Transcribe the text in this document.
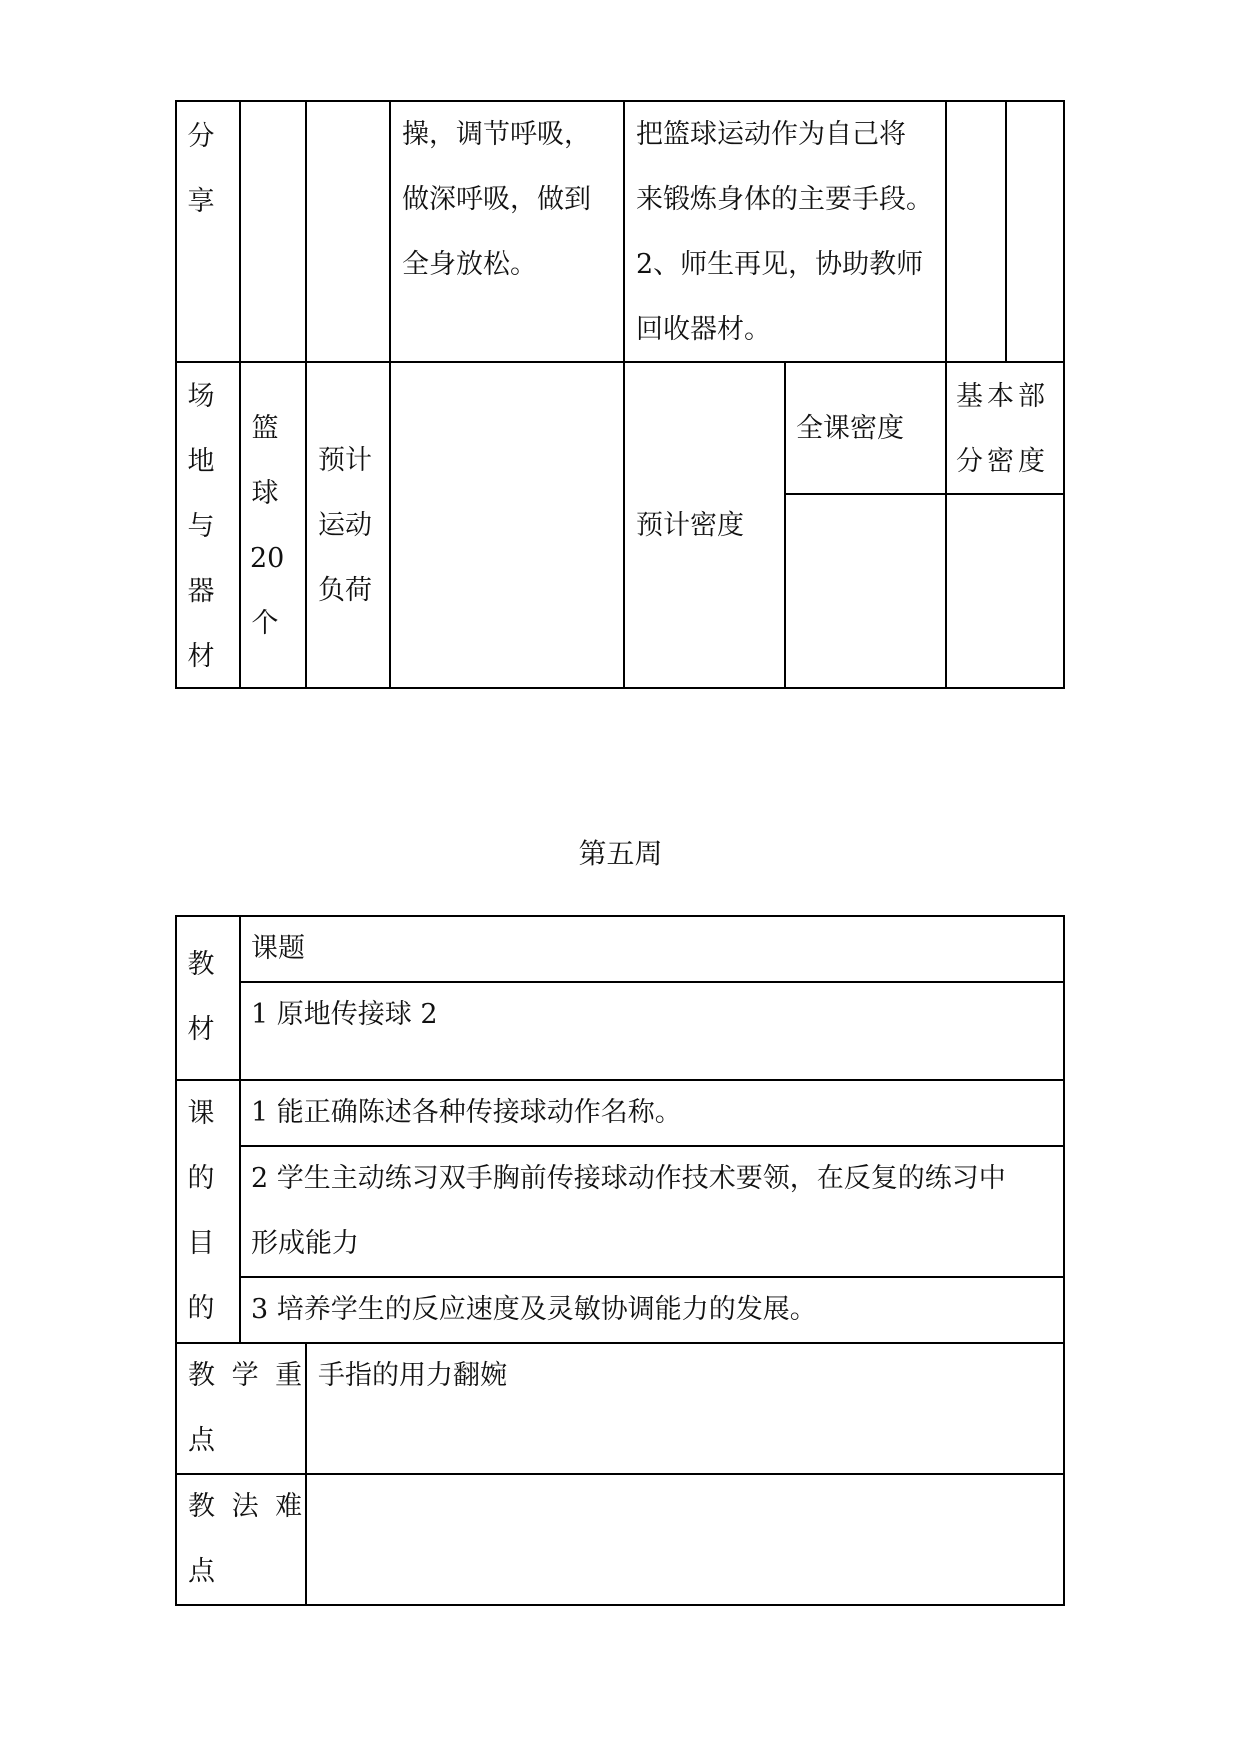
分
享
操，调节呼吸，
做深呼吸，做到
全身放松。
把篮球运动作为自己将
来锻炼身体的主要手段。
2、师生再见，协助教师
回收器材。
场
地
与
器
材
篮
球
20
个
预计
运动
负荷
预计密度
全课密度
基本部
分密度
第五周
教
材
课题
1 原地传接球 2
课
的
目
的
1 能正确陈述各种传接球动作名称。
2 学生主动练习双手胸前传接球动作技术要领，在反复的练习中
形成能力
3 培养学生的反应速度及灵敏协调能力的发展。
教 学 重
点
手指的用力翻婉
教 法 难
点
